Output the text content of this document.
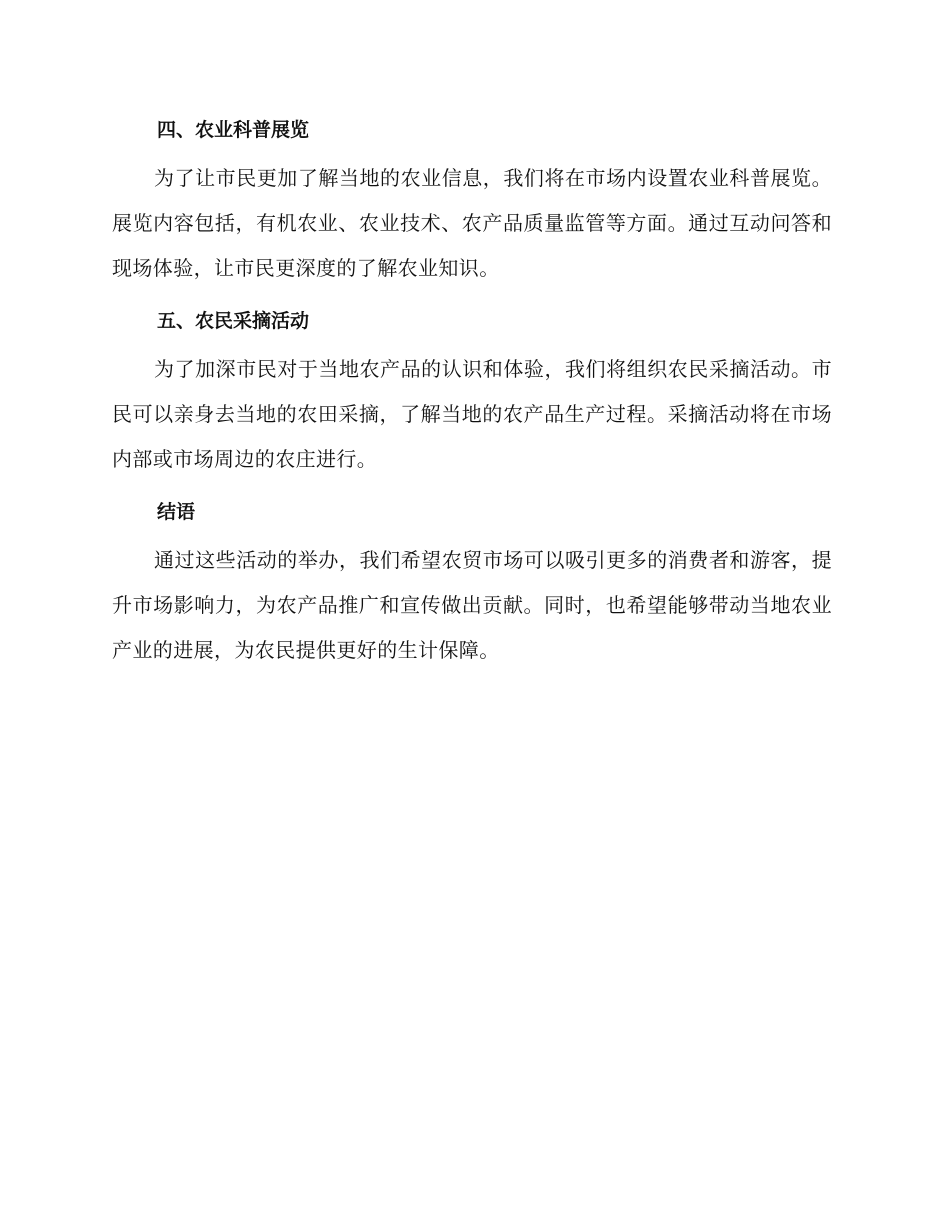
四、农业科普展览

为了让市民更加了解当地的农业信息，我们将在市场内设置农业科普展览。展览内容包括，有机农业、农业技术、农产品质量监管等方面。通过互动问答和现场体验，让市民更深度的了解农业知识。

五、农民采摘活动

为了加深市民对于当地农产品的认识和体验，我们将组织农民采摘活动。市民可以亲身去当地的农田采摘，了解当地的农产品生产过程。采摘活动将在市场内部或市场周边的农庄进行。

结语

通过这些活动的举办，我们希望农贸市场可以吸引更多的消费者和游客，提升市场影响力，为农产品推广和宣传做出贡献。同时，也希望能够带动当地农业产业的进展，为农民提供更好的生计保障。
